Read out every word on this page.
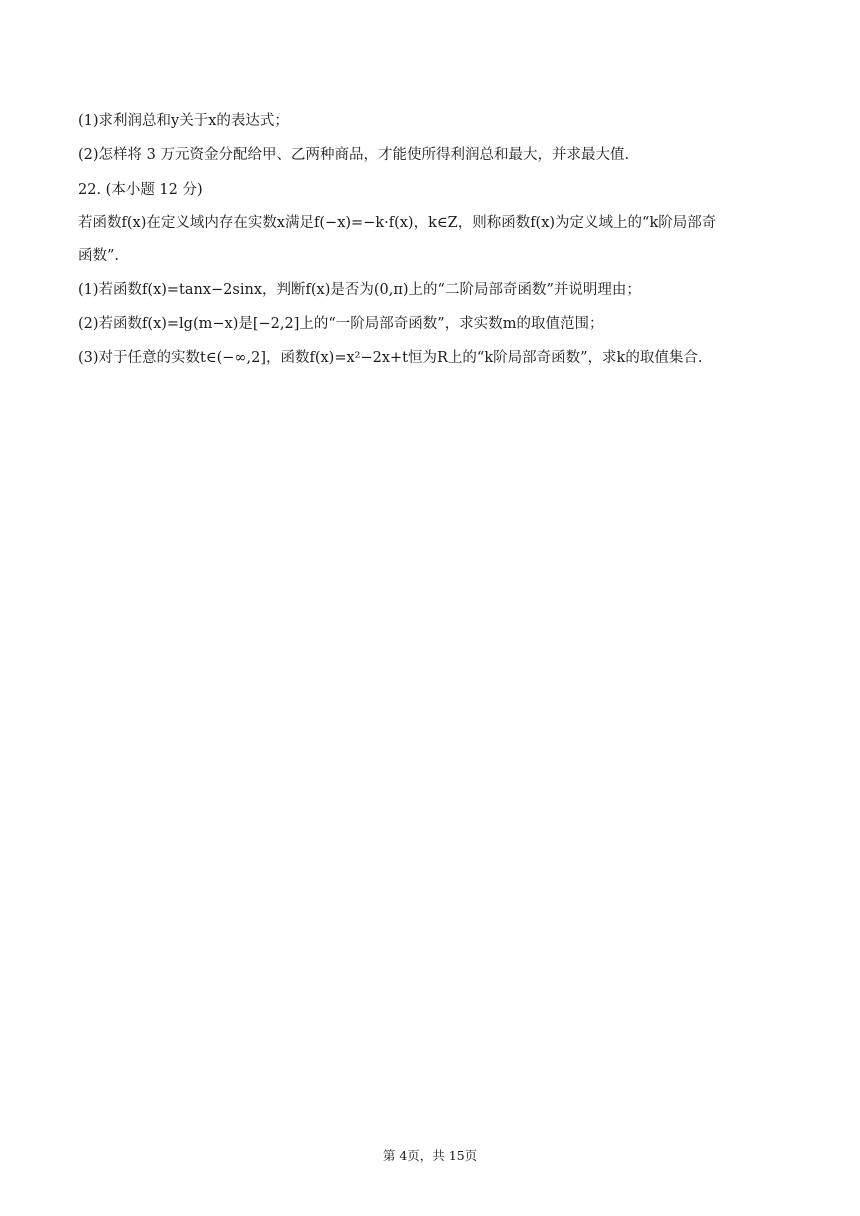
(1)求利润总和y关于x的表达式；
(2)怎样将 3 万元资金分配给甲、乙两种商品，才能使所得利润总和最大，并求最大值.
22. (本小题 12 分)
若函数f(x)在定义域内存在实数x满足f(−x)=−k·f(x)，k∈Z，则称函数f(x)为定义域上的“k阶局部奇
函数”.
(1)若函数f(x)=tanx−2sinx，判断f(x)是否为(0,π)上的“二阶局部奇函数”并说明理由；
(2)若函数f(x)=lg(m−x)是[−2,2]上的“一阶局部奇函数”，求实数m的取值范围；
(3)对于任意的实数t∈(−∞,2]，函数f(x)=x²−2x+t恒为R上的“k阶局部奇函数”，求k的取值集合.
第 4页，共 15页
